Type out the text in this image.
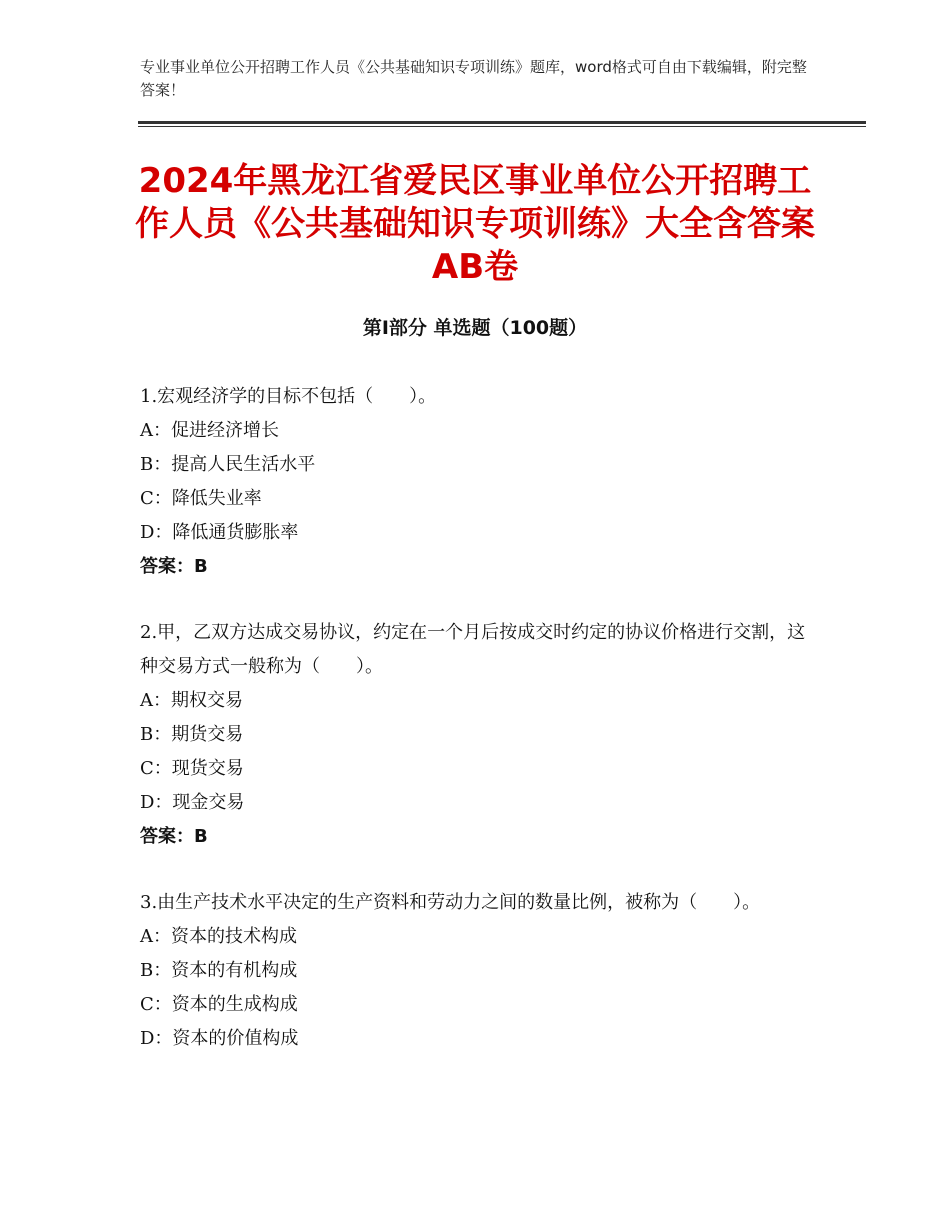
专业事业单位公开招聘工作人员《公共基础知识专项训练》题库，word格式可自由下载编辑，附完整答案！
2024年黑龙江省爱民区事业单位公开招聘工作人员《公共基础知识专项训练》大全含答案AB卷
第Ⅰ部分 单选题（100题）

1.宏观经济学的目标不包括（　　）。

A：促进经济增长

B：提高人民生活水平

C：降低失业率

D：降低通货膨胀率

答案：B

2.甲，乙双方达成交易协议，约定在一个月后按成交时约定的协议价格进行交割，这种交易方式一般称为（　　）。

A：期权交易

B：期货交易

C：现货交易

D：现金交易

答案：B

3.由生产技术水平决定的生产资料和劳动力之间的数量比例，被称为（　　）。

A：资本的技术构成

B：资本的有机构成

C：资本的生成构成

D：资本的价值构成
